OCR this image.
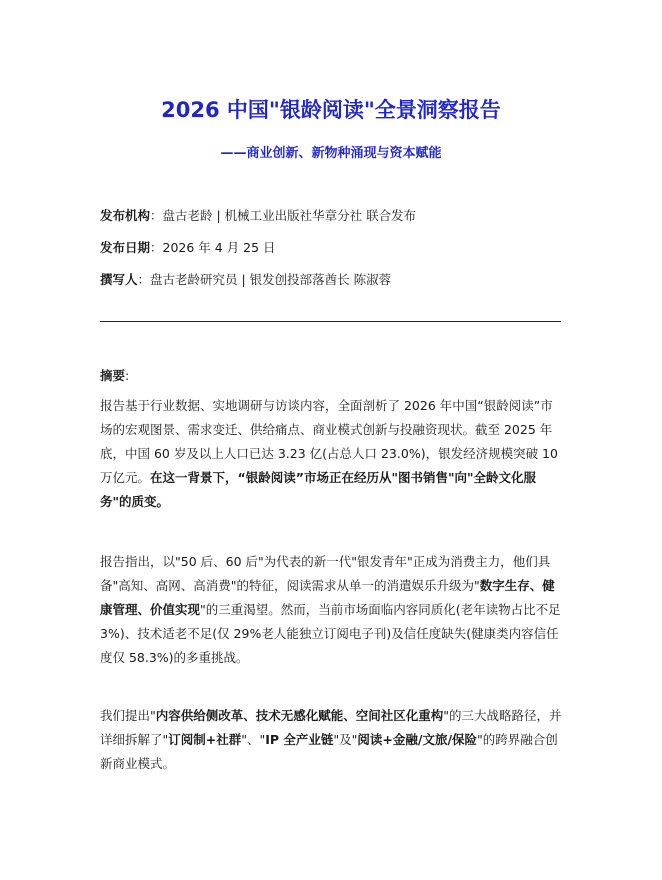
2026 中国"银龄阅读"全景洞察报告
——商业创新、新物种涌现与资本赋能
发布机构：盘古老龄 | 机械工业出版社华章分社 联合发布
发布日期：2026 年 4 月 25 日
撰写人：盘古老龄研究员 | 银发创投部落酋长 陈淑蓉
摘要:

报告基于行业数据、实地调研与访谈内容，全面剖析了 2026 年中国“银龄阅读”市场的宏观图景、需求变迁、供给痛点、商业模式创新与投融资现状。截至 2025 年底，中国 60 岁及以上人口已达 3.23 亿(占总人口 23.0%)，银发经济规模突破 10 万亿元。在这一背景下，“银龄阅读”市场正在经历从"图书销售"向"全龄文化服务"的质变。

报告指出，以"50 后、60 后"为代表的新一代"银发青年"正成为消费主力，他们具备"高知、高网、高消费"的特征，阅读需求从单一的消遣娱乐升级为"数字生存、健康管理、价值实现"的三重渴望。然而，当前市场面临内容同质化(老年读物占比不足 3%)、技术适老不足(仅 29%老人能独立订阅电子刊)及信任度缺失(健康类内容信任度仅 58.3%)的多重挑战。

我们提出"内容供给侧改革、技术无感化赋能、空间社区化重构"的三大战略路径，并详细拆解了"订阅制+社群"、"IP 全产业链"及"阅读+金融/文旅/保险"的跨界融合创新商业模式。
